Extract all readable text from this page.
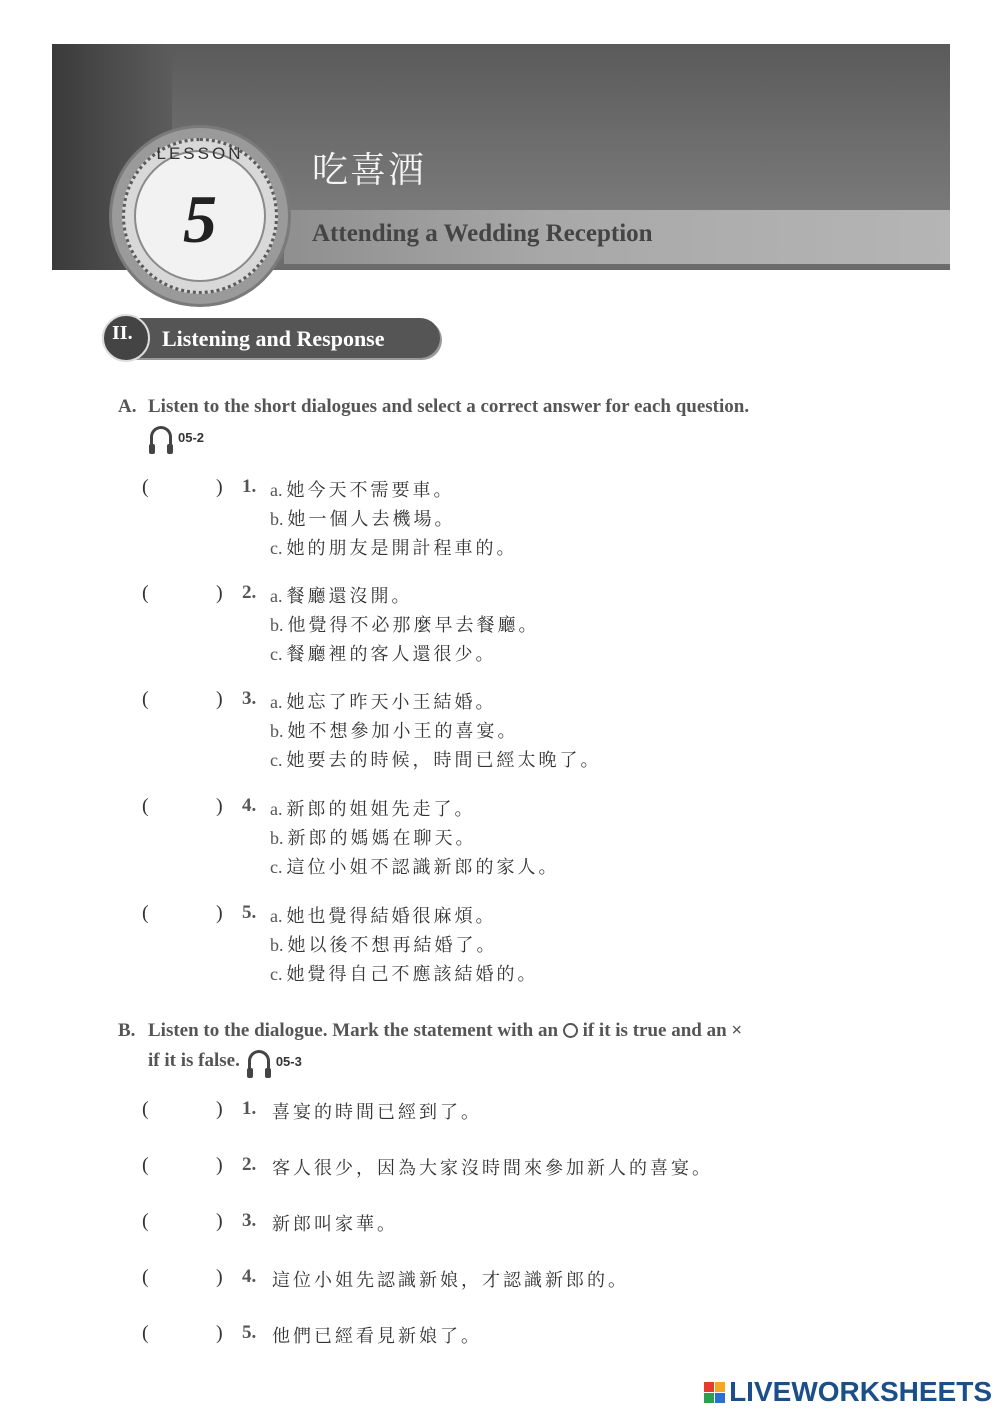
LESSON
5
吃喜酒
Attending a Wedding Reception
II. Listening and Response
A. Listen to the short dialogues and select a correct answer for each question.
05-2
(	) 1. a. 她今天不需要車。
b. 她一個人去機場。
c. 她的朋友是開計程車的。
(	) 2. a. 餐廳還沒開。
b. 他覺得不必那麼早去餐廳。
c. 餐廳裡的客人還很少。
(	) 3. a. 她忘了昨天小王結婚。
b. 她不想參加小王的喜宴。
c. 她要去的時候，時間已經太晚了。
(	) 4. a. 新郎的姐姐先走了。
b. 新郎的媽媽在聊天。
c. 這位小姐不認識新郎的家人。
(	) 5. a. 她也覺得結婚很麻煩。
b. 她以後不想再結婚了。
c. 她覺得自己不應該結婚的。
B. Listen to the dialogue. Mark the statement with an if it is true and an ×
if it is false.	05-3
(	) 1. 喜宴的時間已經到了。
(	) 2. 客人很少，因為大家沒時間來參加新人的喜宴。
(	) 3. 新郎叫家華。
(	) 4. 這位小姐先認識新娘，才認識新郎的。
(	) 5. 他們已經看見新娘了。
LIVEWORKSHEETS
